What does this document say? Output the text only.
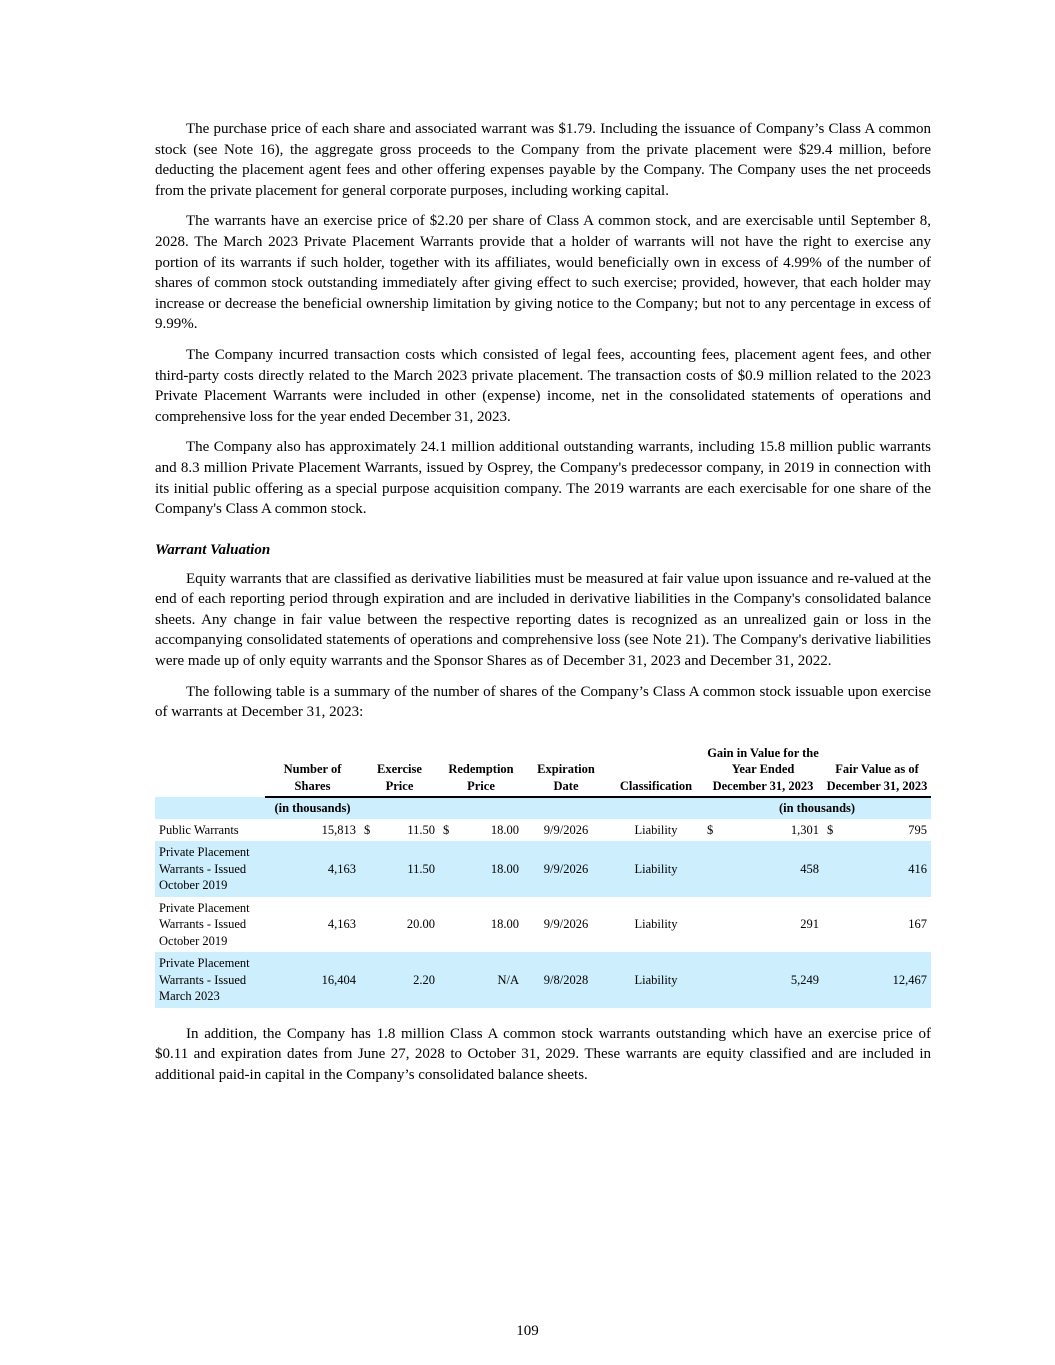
The purchase price of each share and associated warrant was $1.79. Including the issuance of Company’s Class A common stock (see Note 16), the aggregate gross proceeds to the Company from the private placement were $29.4 million, before deducting the placement agent fees and other offering expenses payable by the Company. The Company uses the net proceeds from the private placement for general corporate purposes, including working capital.

The warrants have an exercise price of $2.20 per share of Class A common stock, and are exercisable until September 8, 2028. The March 2023 Private Placement Warrants provide that a holder of warrants will not have the right to exercise any portion of its warrants if such holder, together with its affiliates, would beneficially own in excess of 4.99% of the number of shares of common stock outstanding immediately after giving effect to such exercise; provided, however, that each holder may increase or decrease the beneficial ownership limitation by giving notice to the Company; but not to any percentage in excess of 9.99%.

The Company incurred transaction costs which consisted of legal fees, accounting fees, placement agent fees, and other third-party costs directly related to the March 2023 private placement. The transaction costs of $0.9 million related to the 2023 Private Placement Warrants were included in other (expense) income, net in the consolidated statements of operations and comprehensive loss for the year ended December 31, 2023.

The Company also has approximately 24.1 million additional outstanding warrants, including 15.8 million public warrants and 8.3 million Private Placement Warrants, issued by Osprey, the Company's predecessor company, in 2019 in connection with its initial public offering as a special purpose acquisition company. The 2019 warrants are each exercisable for one share of the Company's Class A common stock.

Warrant Valuation

Equity warrants that are classified as derivative liabilities must be measured at fair value upon issuance and re-valued at the end of each reporting period through expiration and are included in derivative liabilities in the Company's consolidated balance sheets. Any change in fair value between the respective reporting dates is recognized as an unrealized gain or loss in the accompanying consolidated statements of operations and comprehensive loss (see Note 21). The Company's derivative liabilities were made up of only equity warrants and the Sponsor Shares as of December 31, 2023 and December 31, 2022.

The following table is a summary of the number of shares of the Company’s Class A common stock issuable upon exercise of warrants at December 31, 2023:

	Number of Shares	Exercise Price		Redemption Price		Expiration Date	Classification	Gain in Value for the Year Ended December 31, 2023		Fair Value as of December 31, 2023	
	(in thousands)							(in thousands)			
Public Warrants	15,813	$	11.50	$	18.00	9/9/2026	Liability	$	1,301	$	795
Private Placement Warrants - Issued October 2019	4,163		11.50		18.00	9/9/2026	Liability		458		416
Private Placement Warrants - Issued October 2019	4,163		20.00		18.00	9/9/2026	Liability		291		167
Private Placement Warrants - Issued March 2023	16,404		2.20		N/A	9/8/2028	Liability		5,249		12,467

In addition, the Company has 1.8 million Class A common stock warrants outstanding which have an exercise price of $0.11 and expiration dates from June 27, 2028 to October 31, 2029. These warrants are equity classified and are included in additional paid-in capital in the Company’s consolidated balance sheets.

109
